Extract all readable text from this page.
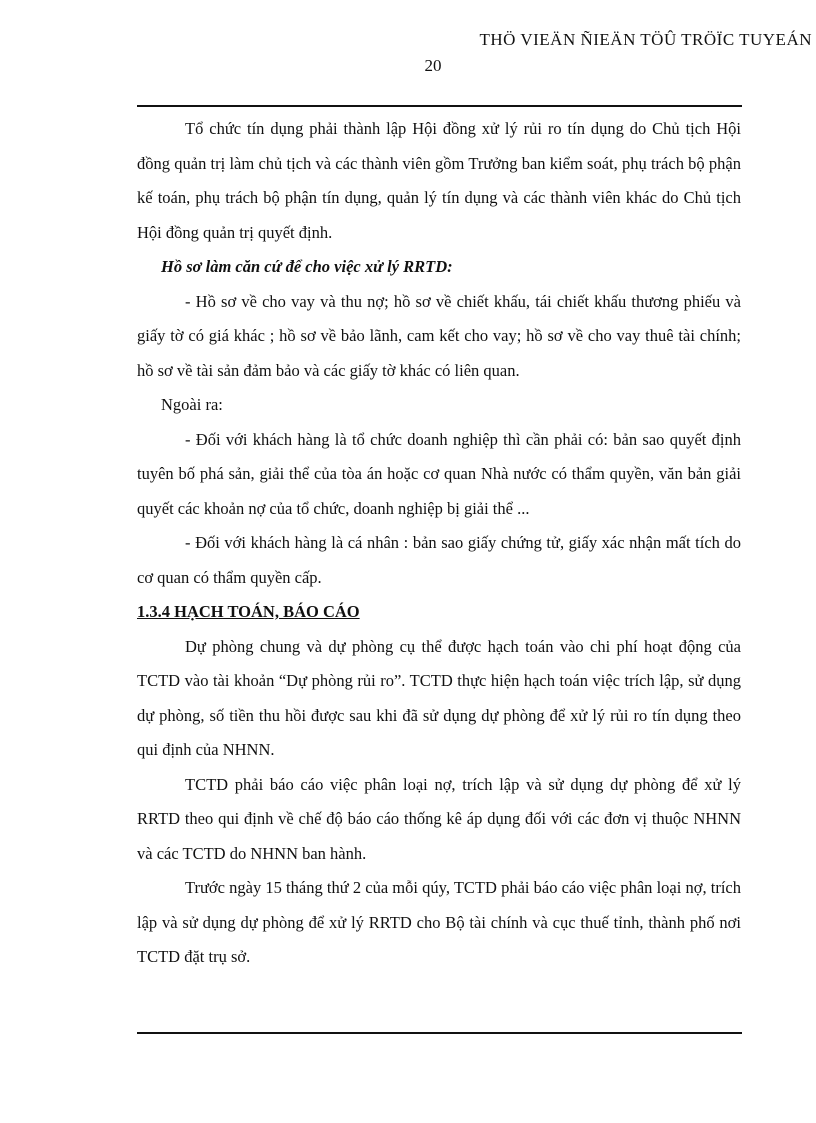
THÖ VIEÄN ÑIEÄN TÖÛ TRÖÏC TUYEÁN
20

Tổ chức tín dụng phải thành lập Hội đồng xử lý rủi ro tín dụng do Chủ tịch Hội đồng quản trị làm chủ tịch và các thành viên gồm Trưởng ban kiểm soát, phụ trách bộ phận kế toán, phụ trách bộ phận tín dụng, quản lý tín dụng và các thành viên khác do Chủ tịch Hội đồng quản trị quyết định.

Hồ sơ làm căn cứ để cho việc xử lý RRTD:

- Hồ sơ về cho vay và thu nợ; hồ sơ về chiết khấu, tái chiết khấu thương phiếu và giấy tờ có giá khác ; hồ sơ về bảo lãnh, cam kết cho vay; hồ sơ về cho vay thuê tài chính; hồ sơ về tài sản đảm bảo và các giấy tờ khác có liên quan.

Ngoài ra:

- Đối với khách hàng là tổ chức doanh nghiệp thì cần phải có: bản sao quyết định tuyên bố phá sản, giải thể của tòa án hoặc cơ quan Nhà nước có thẩm quyền, văn bản giải quyết các khoản nợ của tổ chức, doanh nghiệp bị giải thể ...

- Đối với khách hàng là cá nhân : bản sao giấy chứng tử, giấy xác nhận mất tích do cơ quan có thẩm quyền cấp.

1.3.4 HẠCH TOÁN, BÁO CÁO

Dự phòng chung và dự phòng cụ thể được hạch toán vào chi phí hoạt động của TCTD vào tài khoản “Dự phòng rủi ro”. TCTD thực hiện hạch toán việc trích lập, sử dụng dự phòng, số tiền thu hồi được sau khi đã sử dụng dự phòng để xử lý rủi ro tín dụng theo qui định của NHNN.

TCTD phải báo cáo việc phân loại nợ, trích lập và sử dụng dự phòng để xử lý RRTD theo qui định về chế độ báo cáo thống kê áp dụng đối với các đơn vị thuộc NHNN và các TCTD do NHNN ban hành.

Trước ngày 15 tháng thứ 2 của mỗi qúy, TCTD phải báo cáo việc phân loại nợ, trích lập và sử dụng dự phòng để xử lý RRTD cho Bộ tài chính và cục thuế tỉnh, thành phố nơi TCTD đặt trụ sở.
